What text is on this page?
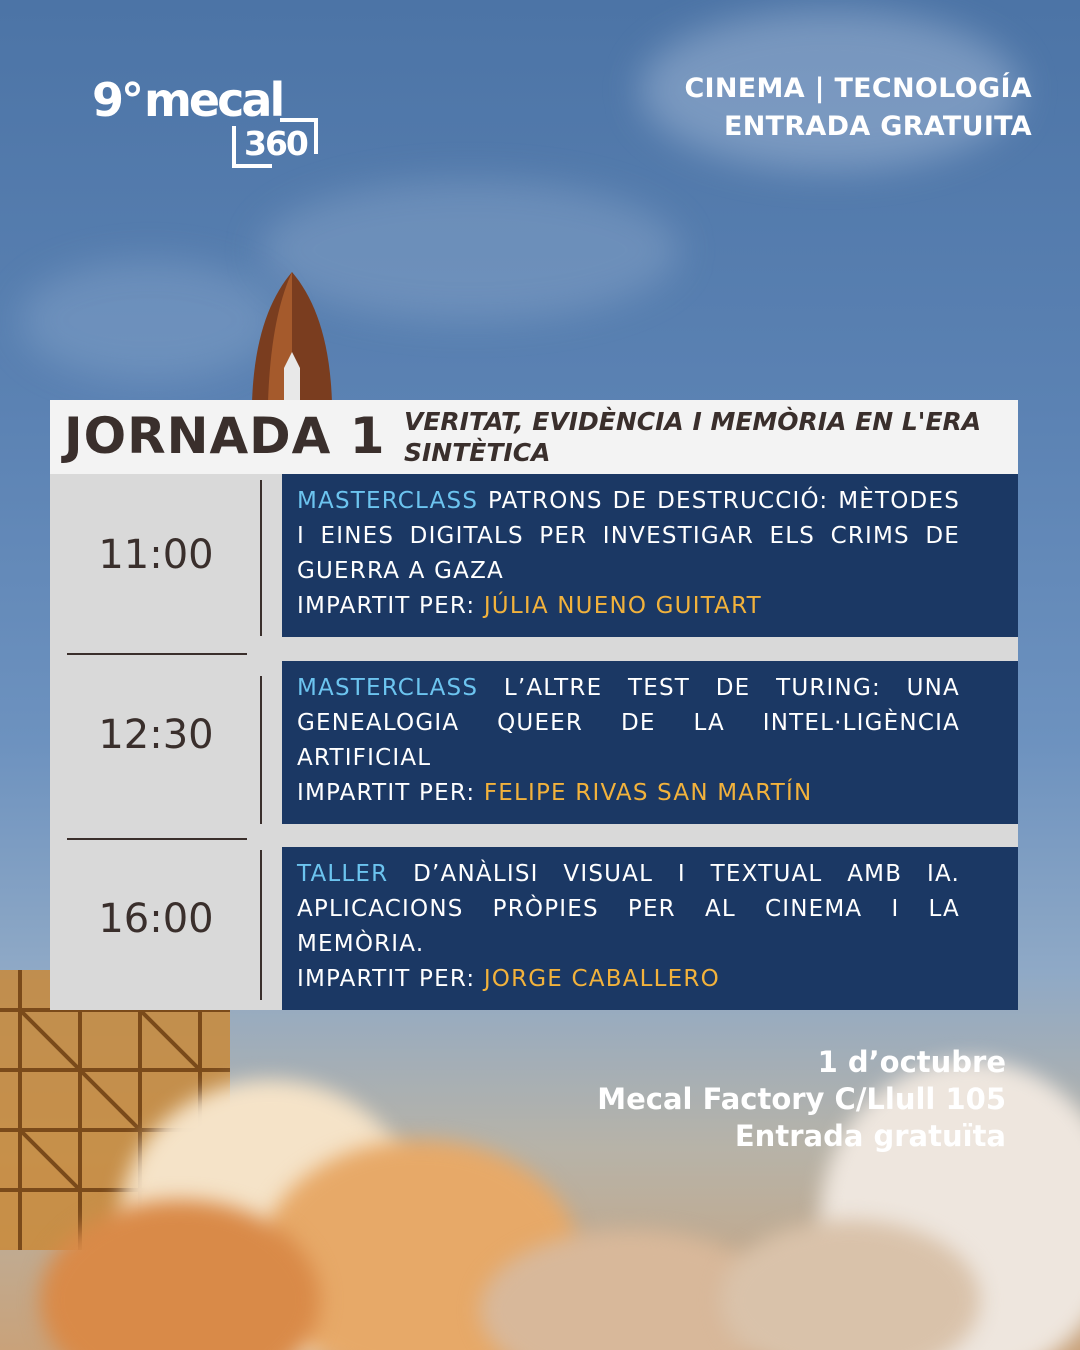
9° mecal
360
CINEMA | TECNOLOGÍA
ENTRADA GRATUITA
JORNADA 1 VERITAT, EVIDÈNCIA I MEMÒRIA EN L'ERA SINTÈTICA
11:00
MASTERCLASS PATRONS DE DESTRUCCIÓ: MÈTODES I EINES DIGITALS PER INVESTIGAR ELS CRIMS DE GUERRA A GAZA
IMPARTIT PER: JÚLIA NUENO GUITART
12:30
MASTERCLASS L’ALTRE TEST DE TURING: UNA GENEALOGIA QUEER DE LA INTEL·LIGÈNCIA ARTIFICIAL
IMPARTIT PER: FELIPE RIVAS SAN MARTÍN
16:00
TALLER D’ANÀLISI VISUAL I TEXTUAL AMB IA. APLICACIONS PRÒPIES PER AL CINEMA I LA MEMÒRIA.
IMPARTIT PER: JORGE CABALLERO
1 d’octubre
Mecal Factory C/Llull 105
Entrada gratuïta
